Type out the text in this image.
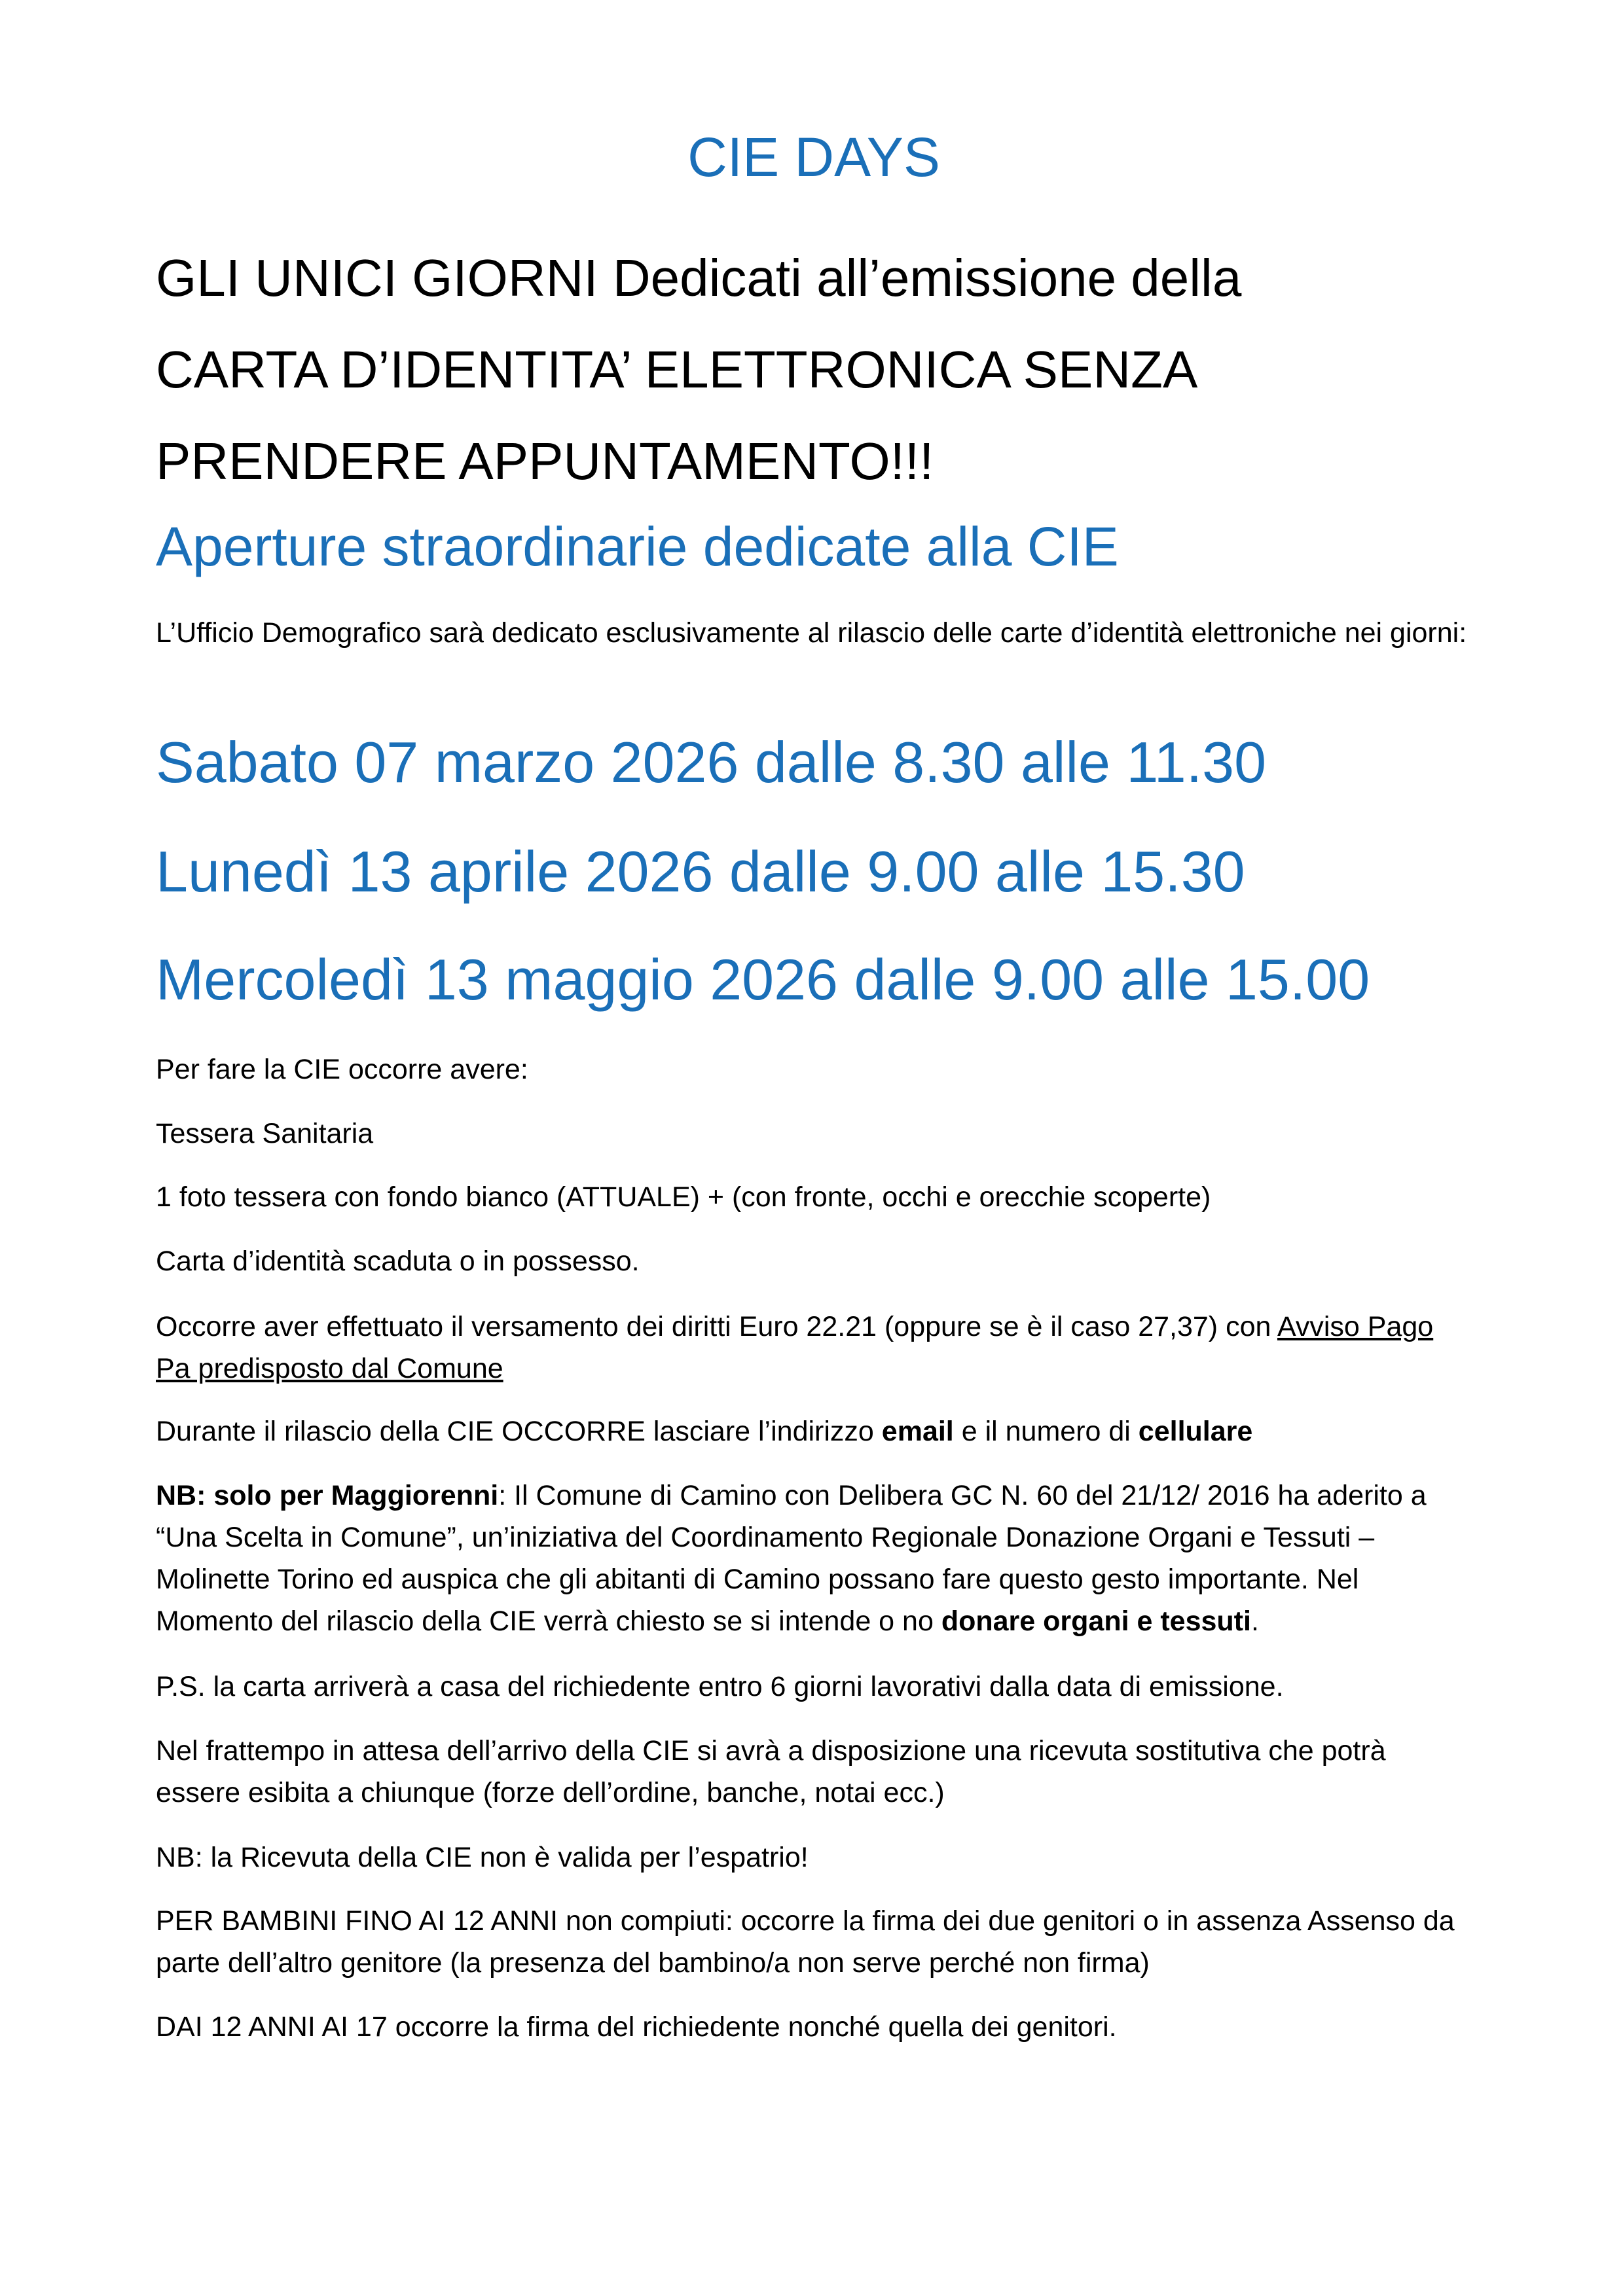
CIE DAYS
GLI UNICI GIORNI Dedicati all’emissione della
CARTA D’IDENTITA’ ELETTRONICA SENZA
PRENDERE APPUNTAMENTO!!!
Aperture straordinarie dedicate alla CIE

L’Ufficio Demografico sarà dedicato esclusivamente al rilascio delle carte d’identità elettroniche nei giorni:

Sabato 07 marzo 2026 dalle 8.30 alle 11.30

Lunedì 13 aprile 2026 dalle 9.00 alle 15.30

Mercoledì 13 maggio 2026 dalle 9.00 alle 15.00

Per fare la CIE occorre avere:

Tessera Sanitaria

1 foto tessera con fondo bianco (ATTUALE) + (con fronte, occhi e orecchie scoperte)

Carta d’identità scaduta o in possesso.

Occorre aver effettuato il versamento dei diritti Euro 22.21 (oppure se è il caso 27,37) con Avviso Pago Pa predisposto dal Comune

Durante il rilascio della CIE OCCORRE lasciare l’indirizzo email e il numero di cellulare

NB: solo per Maggiorenni: Il Comune di Camino con Delibera GC N. 60 del 21/12/ 2016 ha aderito a “Una Scelta in Comune”, un’iniziativa del Coordinamento Regionale Donazione Organi e Tessuti – Molinette Torino ed auspica che gli abitanti di Camino possano fare questo gesto importante. Nel Momento del rilascio della CIE verrà chiesto se si intende o no donare organi e tessuti.

P.S. la carta arriverà a casa del richiedente entro 6 giorni lavorativi dalla data di emissione.

Nel frattempo in attesa dell’arrivo della CIE si avrà a disposizione una ricevuta sostitutiva che potrà essere esibita a chiunque (forze dell’ordine, banche, notai ecc.)

NB: la Ricevuta della CIE non è valida per l’espatrio!

PER BAMBINI FINO AI 12 ANNI non compiuti: occorre la firma dei due genitori o in assenza Assenso da parte dell’altro genitore (la presenza del bambino/a non serve perché non firma)

DAI 12 ANNI AI 17 occorre la firma del richiedente nonché quella dei genitori.
